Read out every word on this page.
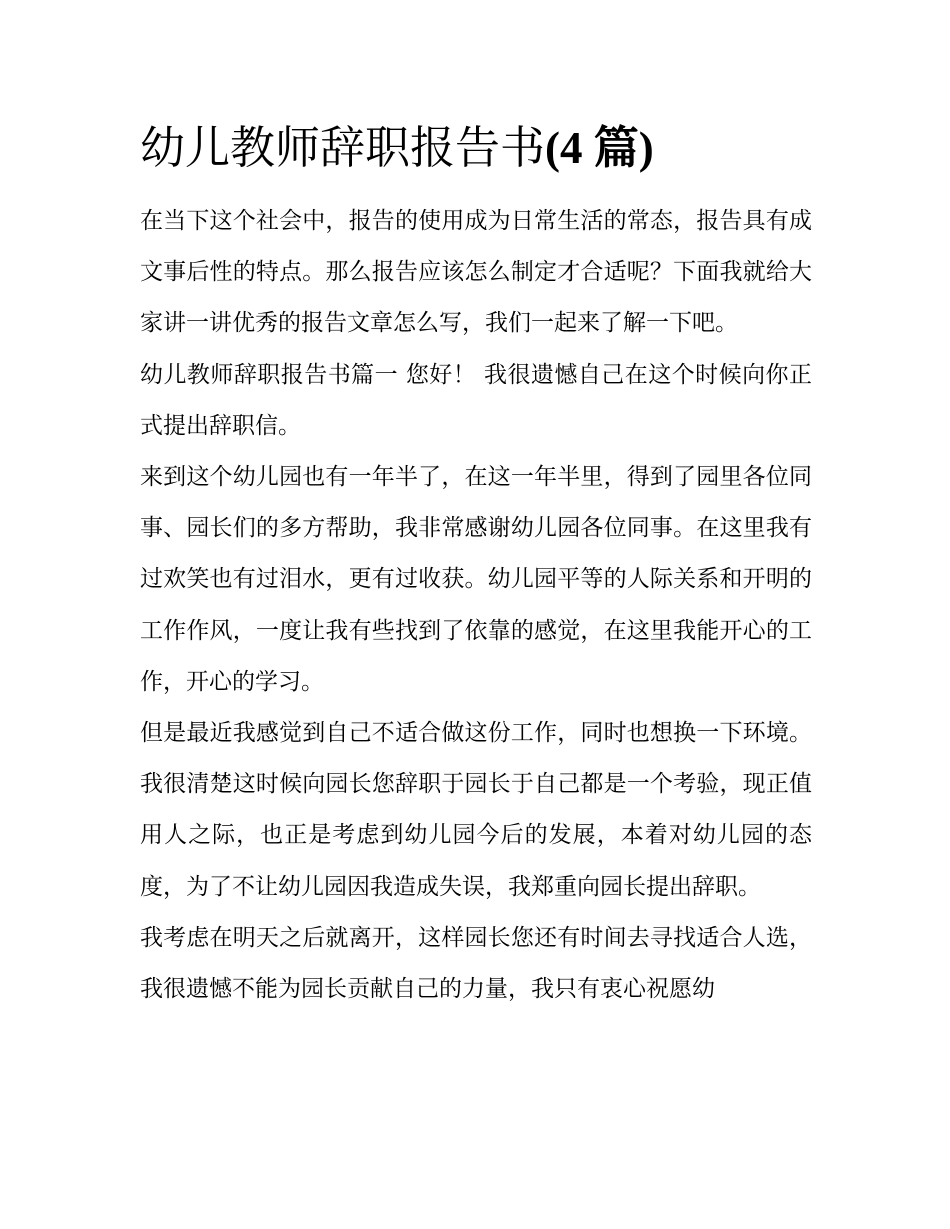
幼儿教师辞职报告书(4 篇)

在当下这个社会中，报告的使用成为日常生活的常态，报告具有成文事后性的特点。那么报告应该怎么制定才合适呢？下面我就给大家讲一讲优秀的报告文章怎么写，我们一起来了解一下吧。

幼儿教师辞职报告书篇一 您好！ 我很遗憾自己在这个时候向你正式提出辞职信。

来到这个幼儿园也有一年半了，在这一年半里，得到了园里各位同事、园长们的多方帮助，我非常感谢幼儿园各位同事。在这里我有过欢笑也有过泪水，更有过收获。幼儿园平等的人际关系和开明的工作作风，一度让我有些找到了依靠的感觉，在这里我能开心的工作，开心的学习。

但是最近我感觉到自己不适合做这份工作，同时也想换一下环境。我很清楚这时候向园长您辞职于园长于自己都是一个考验，现正值用人之际，也正是考虑到幼儿园今后的发展，本着对幼儿园的态度，为了不让幼儿园因我造成失误，我郑重向园长提出辞职。

我考虑在明天之后就离开，这样园长您还有时间去寻找适合人选，我很遗憾不能为园长贡献自己的力量，我只有衷心祝愿幼
